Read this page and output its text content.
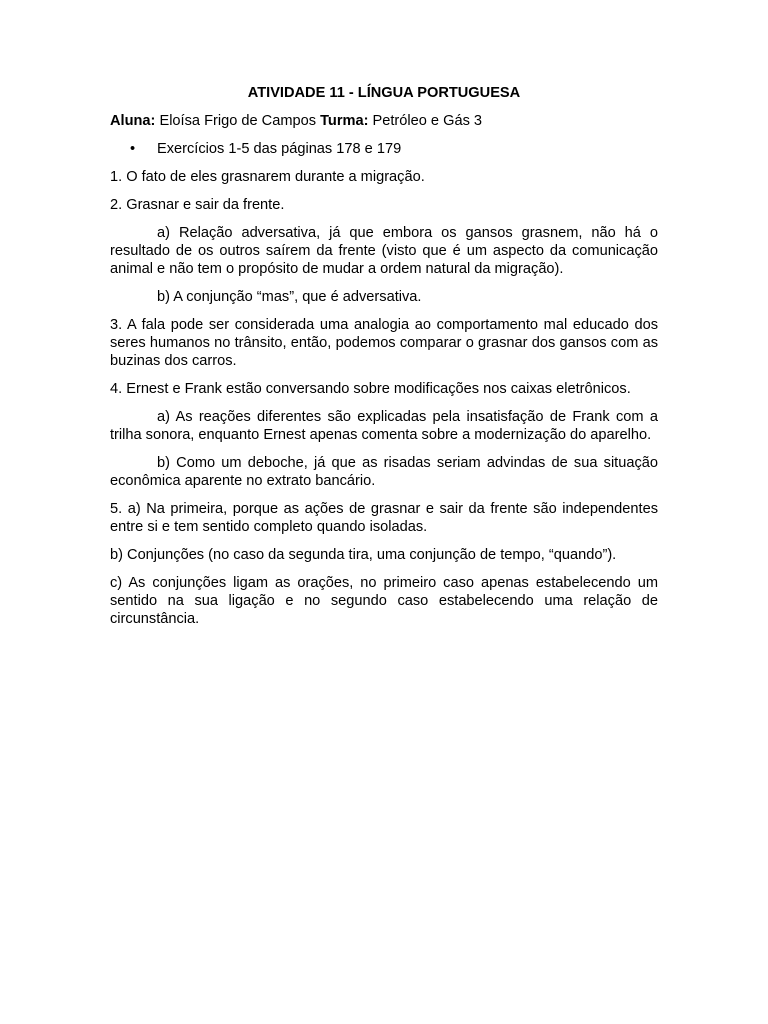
ATIVIDADE 11 - LÍNGUA PORTUGUESA
Aluna: Eloísa Frigo de Campos Turma: Petróleo e Gás 3
• Exercícios 1-5 das páginas 178 e 179
1. O fato de eles grasnarem durante a migração.
2. Grasnar e sair da frente.
a) Relação adversativa, já que embora os gansos grasnem, não há o resultado de os outros saírem da frente (visto que é um aspecto da comunicação animal e não tem o propósito de mudar a ordem natural da migração).
b) A conjunção “mas”, que é adversativa.
3. A fala pode ser considerada uma analogia ao comportamento mal educado dos seres humanos no trânsito, então, podemos comparar o grasnar dos gansos com as buzinas dos carros.
4. Ernest e Frank estão conversando sobre modificações nos caixas eletrônicos.
a) As reações diferentes são explicadas pela insatisfação de Frank com a trilha sonora, enquanto Ernest apenas comenta sobre a modernização do aparelho.
b) Como um deboche, já que as risadas seriam advindas de sua situação econômica aparente no extrato bancário.
5. a) Na primeira, porque as ações de grasnar e sair da frente são independentes entre si e tem sentido completo quando isoladas.
b) Conjunções (no caso da segunda tira, uma conjunção de tempo, “quando”).
c) As conjunções ligam as orações, no primeiro caso apenas estabelecendo um sentido na sua ligação e no segundo caso estabelecendo uma relação de circunstância.
